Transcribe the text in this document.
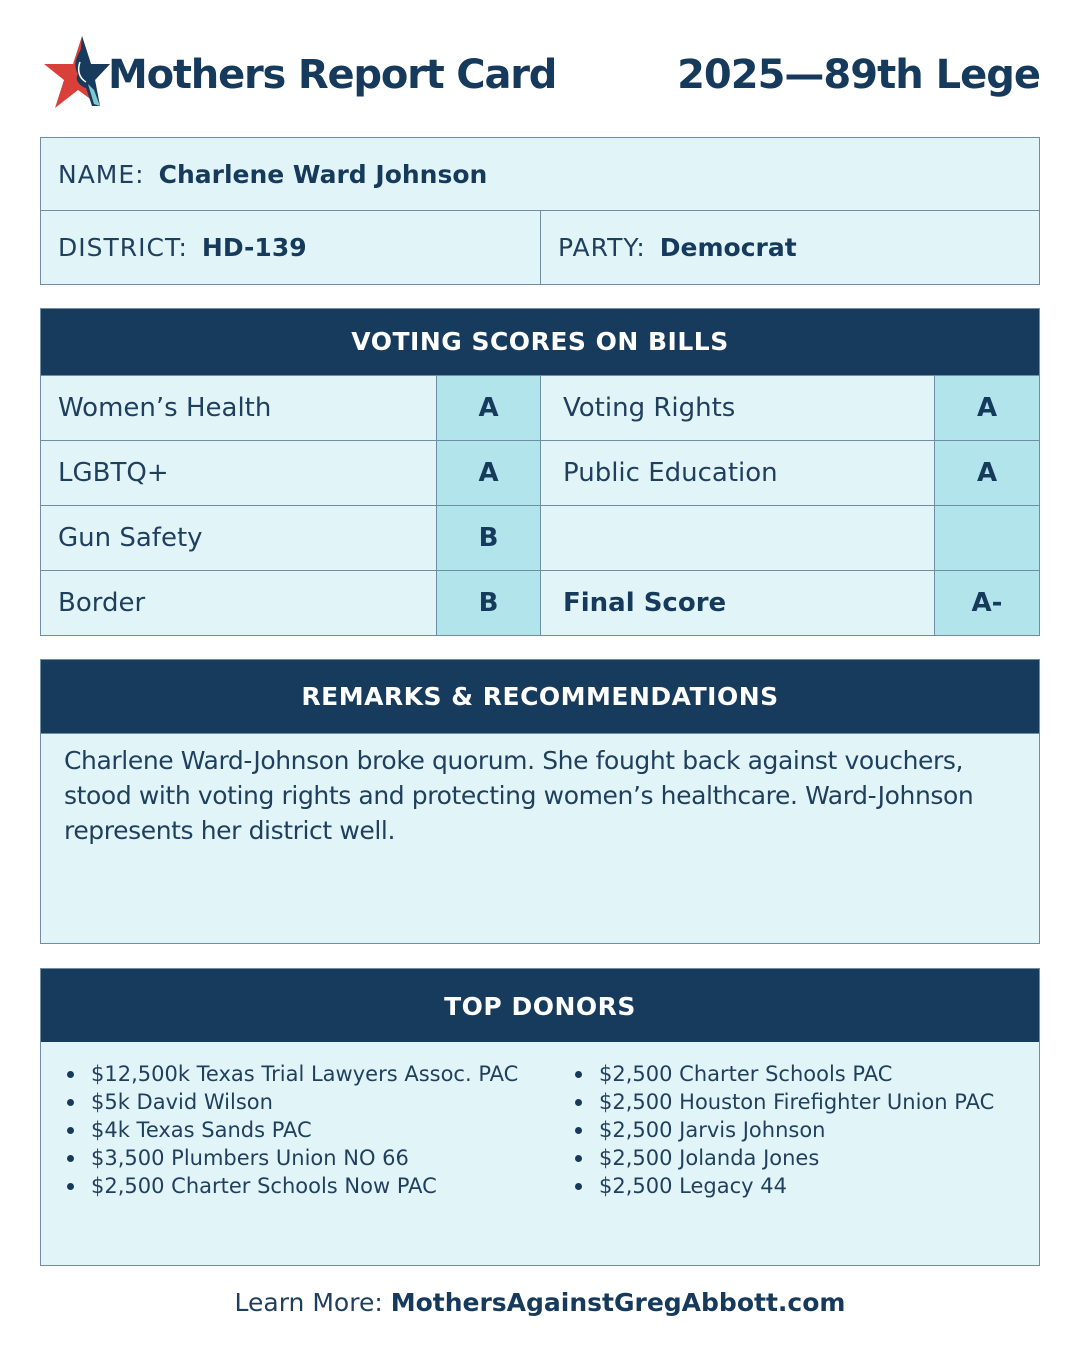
Mothers Report Card	2025—89th Lege
NAME: Charlene Ward Johnson
DISTRICT: HD-139	PARTY: Democrat
VOTING SCORES ON BILLS
Women’s Health	A	Voting Rights	A
LGBTQ+	A	Public Education	A
Gun Safety	B
Border	B	Final Score	A-
REMARKS & RECOMMENDATIONS

Charlene Ward-Johnson broke quorum. She fought back against vouchers, stood with voting rights and protecting women’s healthcare. Ward-Johnson represents her district well.

TOP DONORS
$12,500k Texas Trial Lawyers Assoc. PAC
$5k David Wilson
$4k Texas Sands PAC
$3,500 Plumbers Union NO 66
$2,500 Charter Schools Now PAC
$2,500 Charter Schools PAC
$2,500 Houston Firefighter Union PAC
$2,500 Jarvis Johnson
$2,500 Jolanda Jones
$2,500 Legacy 44
Learn More: MothersAgainstGregAbbott.com
